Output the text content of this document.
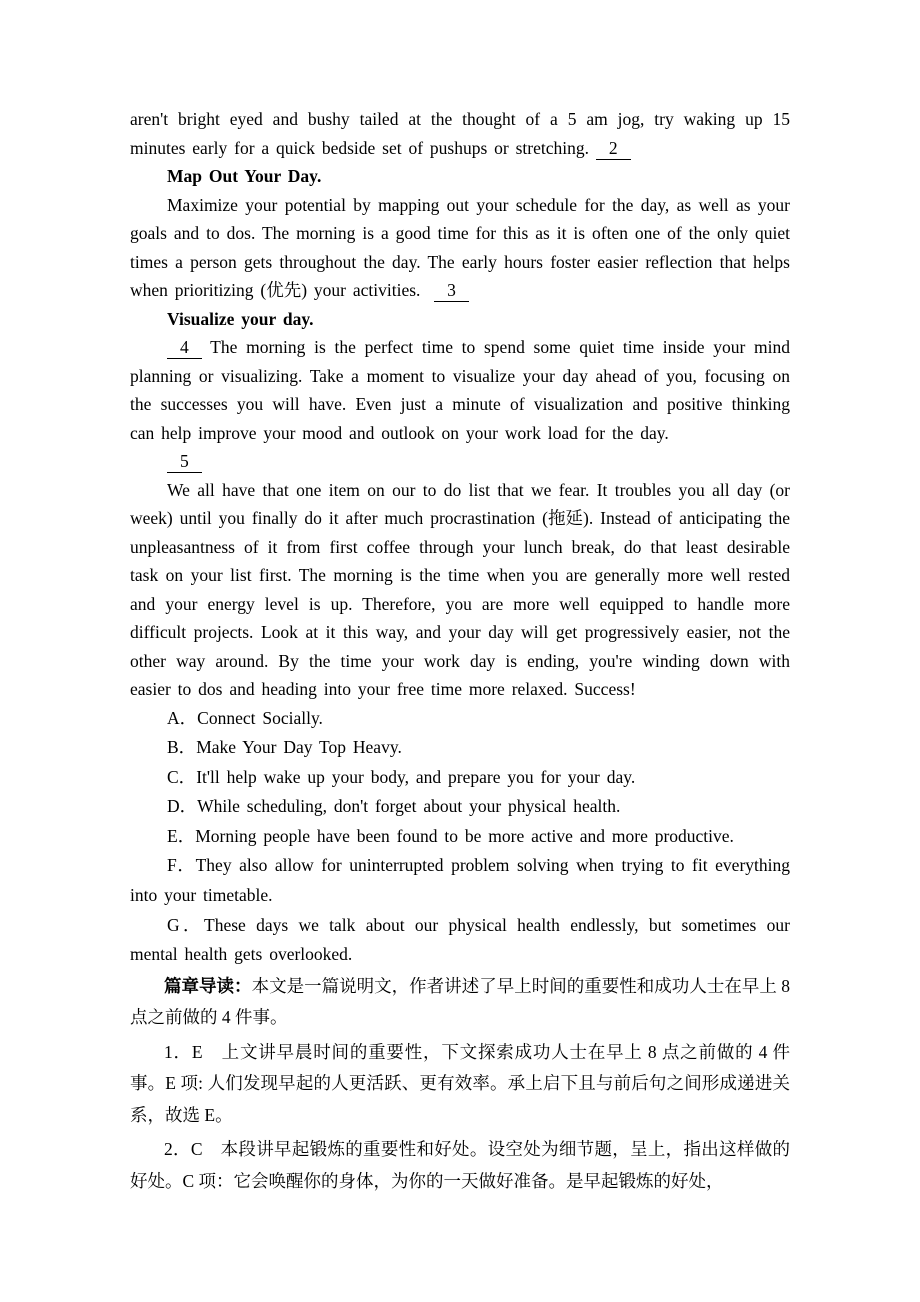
aren't bright eyed and bushy tailed at the thought of a 5 am jog, try waking up 15 minutes early for a quick bedside set of pushups or stretching. 2

Map Out Your Day.

Maximize your potential by mapping out your schedule for the day, as well as your goals and to dos. The morning is a good time for this as it is often one of the only quiet times a person gets throughout the day. The early hours foster easier reflection that helps when prioritizing (优先) your activities. 3

Visualize your day.

4 The morning is the perfect time to spend some quiet time inside your mind planning or visualizing. Take a moment to visualize your day ahead of you, focusing on the successes you will have. Even just a minute of visualization and positive thinking can help improve your mood and outlook on your work load for the day.

5

We all have that one item on our to do list that we fear. It troubles you all day (or week) until you finally do it after much procrastination (拖延). Instead of anticipating the unpleasantness of it from first coffee through your lunch break, do that least desirable task on your list first. The morning is the time when you are generally more well rested and your energy level is up. Therefore, you are more well equipped to handle more difficult projects. Look at it this way, and your day will get progressively easier, not the other way around. By the time your work day is ending, you're winding down with easier to dos and heading into your free time more relaxed. Success!

A．Connect Socially.

B．Make Your Day Top Heavy.

C．It'll help wake up your body, and prepare you for your day.

D．While scheduling, don't forget about your physical health.

E．Morning people have been found to be more active and more productive.

F．They also allow for uninterrupted problem solving when trying to fit everything into your timetable.

G．These days we talk about our physical health endlessly, but sometimes our mental health gets overlooked.

篇章导读：本文是一篇说明文，作者讲述了早上时间的重要性和成功人士在早上 8 点之前做的 4 件事。

1．E　上文讲早晨时间的重要性，下文探索成功人士在早上 8 点之前做的 4 件事。E 项: 人们发现早起的人更活跃、更有效率。承上启下且与前后句之间形成递进关系，故选 E。

2．C　本段讲早起锻炼的重要性和好处。设空处为细节题，呈上，指出这样做的好处。C 项：它会唤醒你的身体，为你的一天做好准备。是早起锻炼的好处，
